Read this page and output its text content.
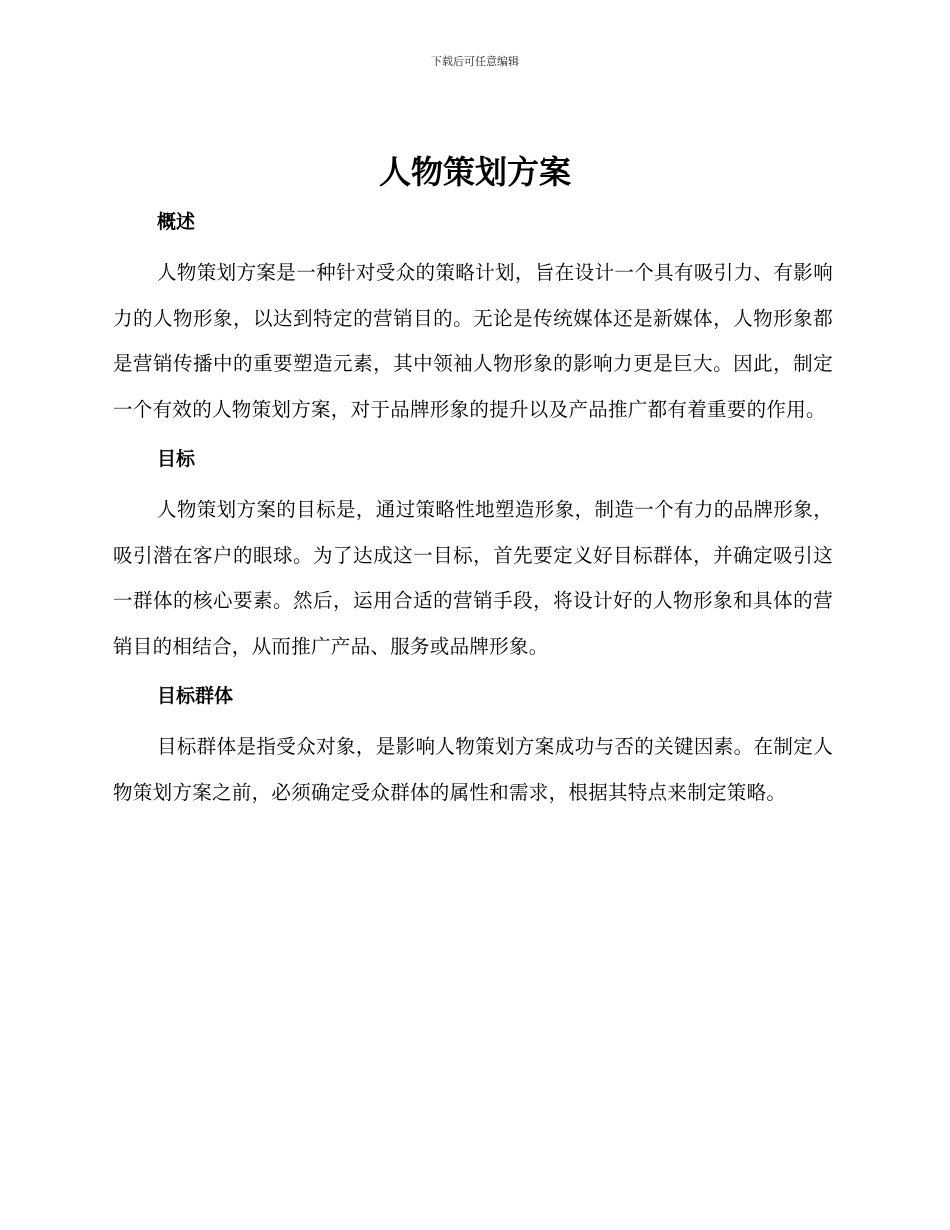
下载后可任意编辑
人物策划方案
概述

人物策划方案是一种针对受众的策略计划，旨在设计一个具有吸引力、有影响力的人物形象，以达到特定的营销目的。无论是传统媒体还是新媒体，人物形象都是营销传播中的重要塑造元素，其中领袖人物形象的影响力更是巨大。因此，制定一个有效的人物策划方案，对于品牌形象的提升以及产品推广都有着重要的作用。

目标

人物策划方案的目标是，通过策略性地塑造形象，制造一个有力的品牌形象，吸引潜在客户的眼球。为了达成这一目标，首先要定义好目标群体，并确定吸引这一群体的核心要素。然后，运用合适的营销手段，将设计好的人物形象和具体的营销目的相结合，从而推广产品、服务或品牌形象。

目标群体

目标群体是指受众对象，是影响人物策划方案成功与否的关键因素。在制定人物策划方案之前，必须确定受众群体的属性和需求，根据其特点来制定策略。
